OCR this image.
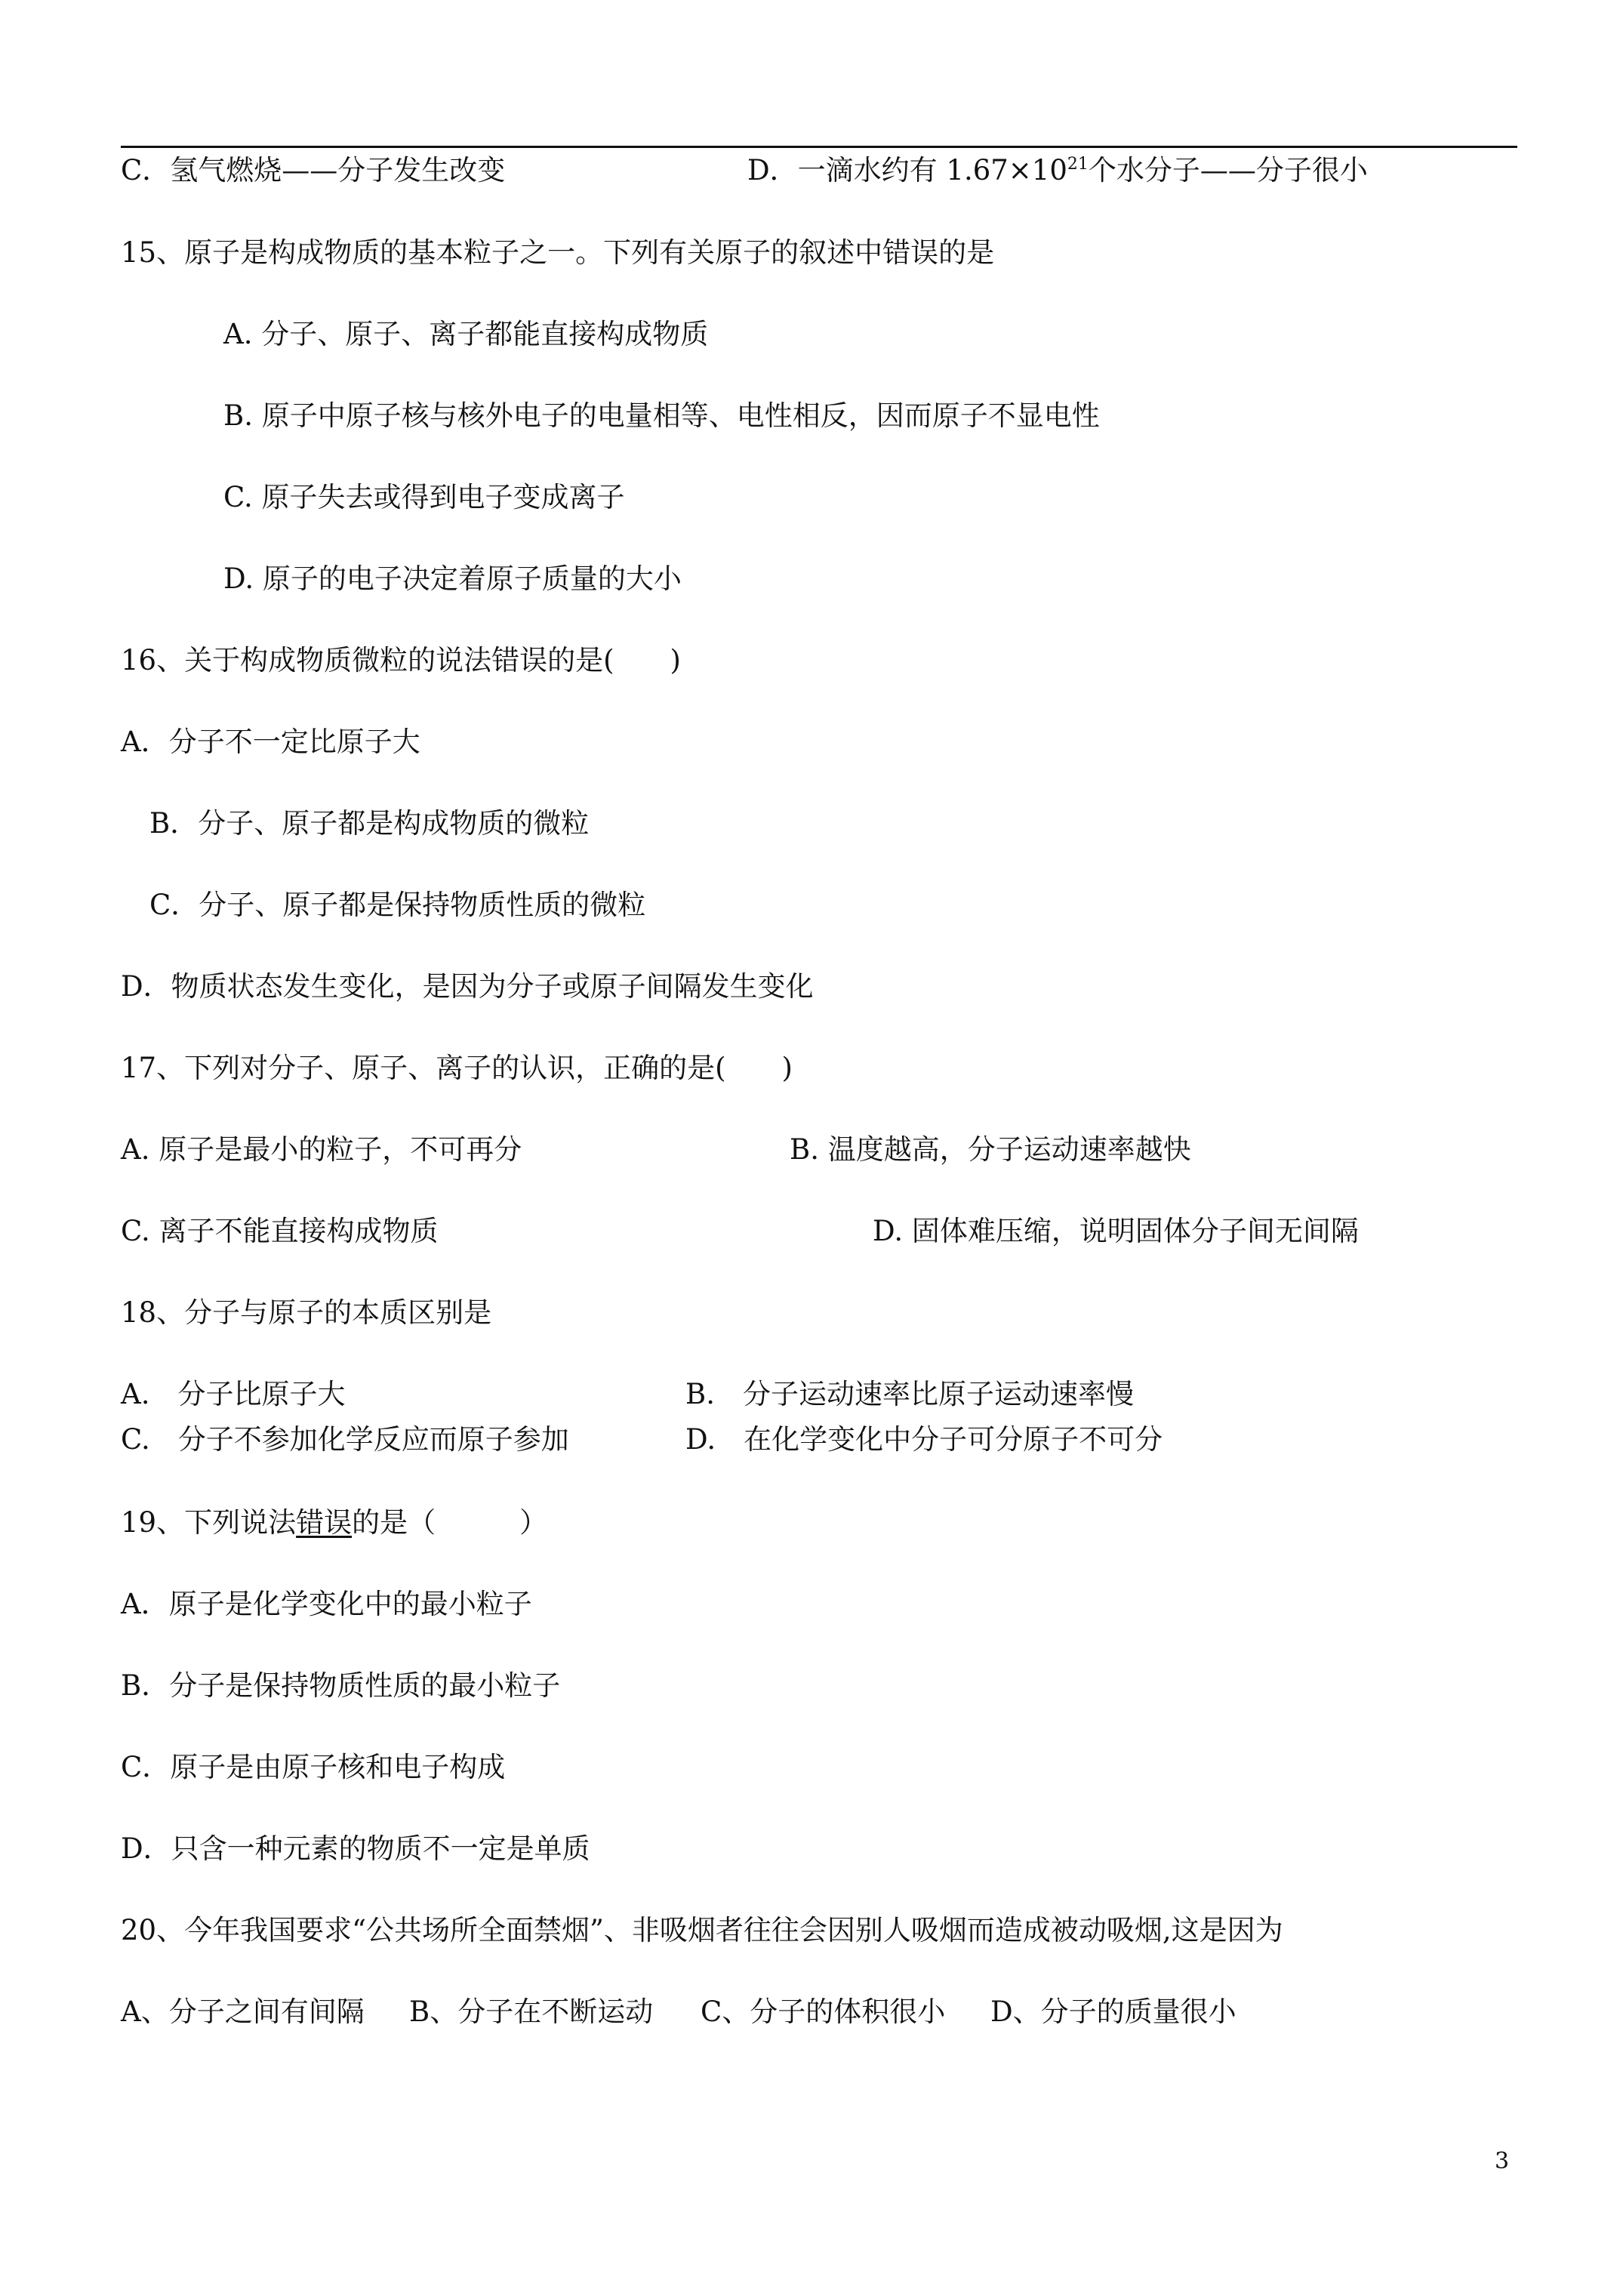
C．氢气燃烧——分子发生改变	D．一滴水约有 $1.67\times 10^{21}$个水分子——分子很小
15、原子是构成物质的基本粒子之一。下列有关原子的叙述中错误的是
A. 分子、原子、离子都能直接构成物质
B. 原子中原子核与核外电子的电量相等、电性相反，因而原子不显电性
C. 原子失去或得到电子变成离子
D. 原子的电子决定着原子质量的大小
16、关于构成物质微粒的说法错误的是(　　)
A．分子不一定比原子大
B．分子、原子都是构成物质的微粒
C．分子、原子都是保持物质性质的微粒
D．物质状态发生变化，是因为分子或原子间隔发生变化
17、下列对分子、原子、离子的认识，正确的是(　　)
A. 原子是最小的粒子，不可再分	B. 温度越高，分子运动速率越快
C. 离子不能直接构成物质	D. 固体难压缩，说明固体分子间无间隔
18、分子与原子的本质区别是
A.　分子比原子大	B.　分子运动速率比原子运动速率慢
C.　分子不参加化学反应而原子参加	D.　在化学变化中分子可分原子不可分
19、下列说法错误的是（　　　）
A．原子是化学变化中的最小粒子
B．分子是保持物质性质的最小粒子
C．原子是由原子核和电子构成
D．只含一种元素的物质不一定是单质
20、今年我国要求“公共场所全面禁烟”、非吸烟者往往会因别人吸烟而造成被动吸烟,这是因为
A、分子之间有间隔 B、分子在不断运动 C、分子的体积很小 D、分子的质量很小
3
